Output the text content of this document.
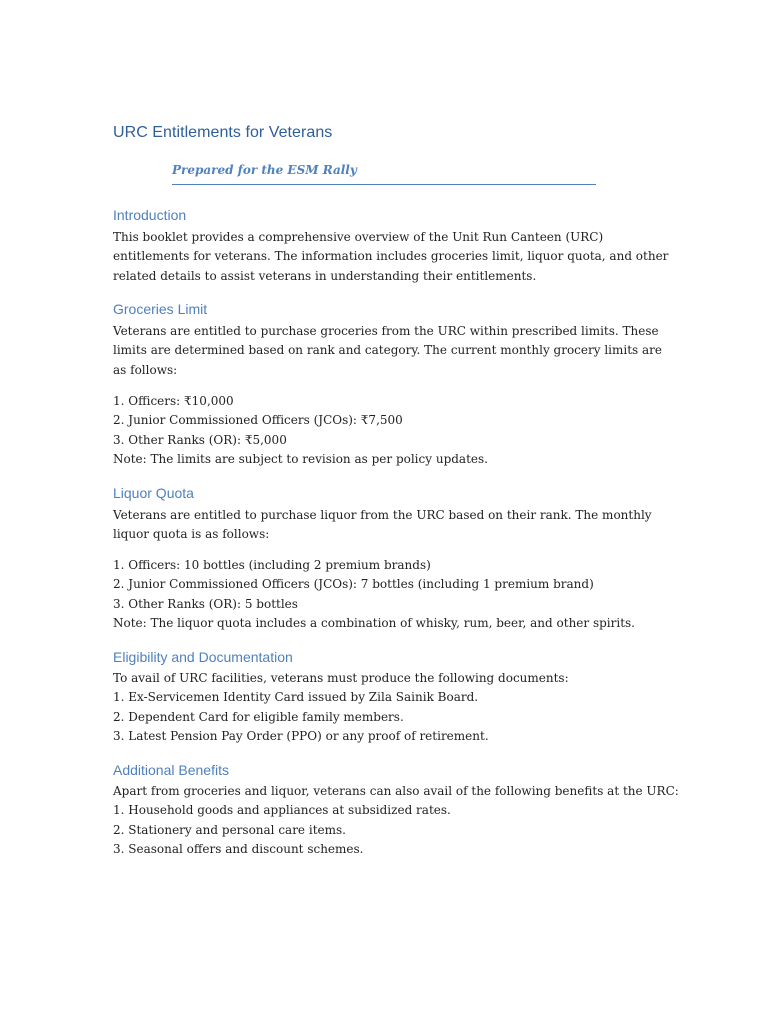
URC Entitlements for Veterans
Prepared for the ESM Rally
Introduction

This booklet provides a comprehensive overview of the Unit Run Canteen (URC) entitlements for veterans. The information includes groceries limit, liquor quota, and other related details to assist veterans in understanding their entitlements.

Groceries Limit

Veterans are entitled to purchase groceries from the URC within prescribed limits. These limits are determined based on rank and category. The current monthly grocery limits are as follows:

1. Officers: ₹10,000
2. Junior Commissioned Officers (JCOs): ₹7,500
3. Other Ranks (OR): ₹5,000
Note: The limits are subject to revision as per policy updates.
Liquor Quota

Veterans are entitled to purchase liquor from the URC based on their rank. The monthly liquor quota is as follows:

1. Officers: 10 bottles (including 2 premium brands)
2. Junior Commissioned Officers (JCOs): 7 bottles (including 1 premium brand)
3. Other Ranks (OR): 5 bottles
Note: The liquor quota includes a combination of whisky, rum, beer, and other spirits.
Eligibility and Documentation
To avail of URC facilities, veterans must produce the following documents:
1. Ex-Servicemen Identity Card issued by Zila Sainik Board.
2. Dependent Card for eligible family members.
3. Latest Pension Pay Order (PPO) or any proof of retirement.
Additional Benefits
Apart from groceries and liquor, veterans can also avail of the following benefits at the URC:
1. Household goods and appliances at subsidized rates.
2. Stationery and personal care items.
3. Seasonal offers and discount schemes.
